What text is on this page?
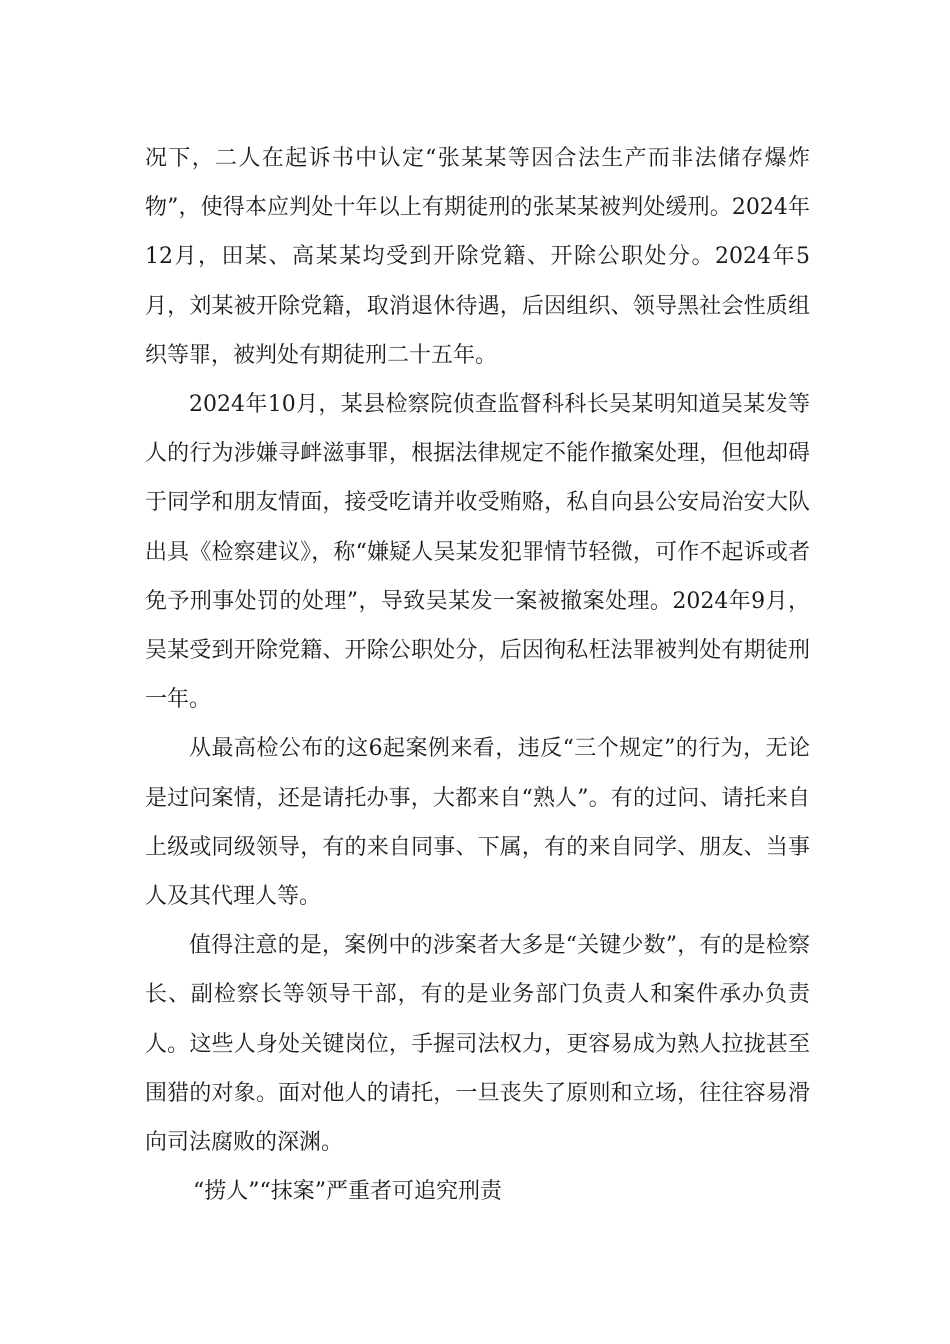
况下，二人在起诉书中认定“张某某等因合法生产而非法储存爆炸物”，使得本应判处十年以上有期徒刑的张某某被判处缓刑。2024年12月，田某、高某某均受到开除党籍、开除公职处分。2024年5月，刘某被开除党籍，取消退休待遇，后因组织、领导黑社会性质组织等罪，被判处有期徒刑二十五年。

2024年10月，某县检察院侦查监督科科长吴某明知道吴某发等人的行为涉嫌寻衅滋事罪，根据法律规定不能作撤案处理，但他却碍于同学和朋友情面，接受吃请并收受贿赂，私自向县公安局治安大队出具《检察建议》，称“嫌疑人吴某发犯罪情节轻微，可作不起诉或者免予刑事处罚的处理”，导致吴某发一案被撤案处理。2024年9月，吴某受到开除党籍、开除公职处分，后因徇私枉法罪被判处有期徒刑一年。

从最高检公布的这6起案例来看，违反“三个规定”的行为，无论是过问案情，还是请托办事，大都来自“熟人”。有的过问、请托来自上级或同级领导，有的来自同事、下属，有的来自同学、朋友、当事人及其代理人等。

值得注意的是，案例中的涉案者大多是“关键少数”，有的是检察长、副检察长等领导干部，有的是业务部门负责人和案件承办负责人。这些人身处关键岗位，手握司法权力，更容易成为熟人拉拢甚至围猎的对象。面对他人的请托，一旦丧失了原则和立场，往往容易滑向司法腐败的深渊。

“捞人”“抹案”严重者可追究刑责
